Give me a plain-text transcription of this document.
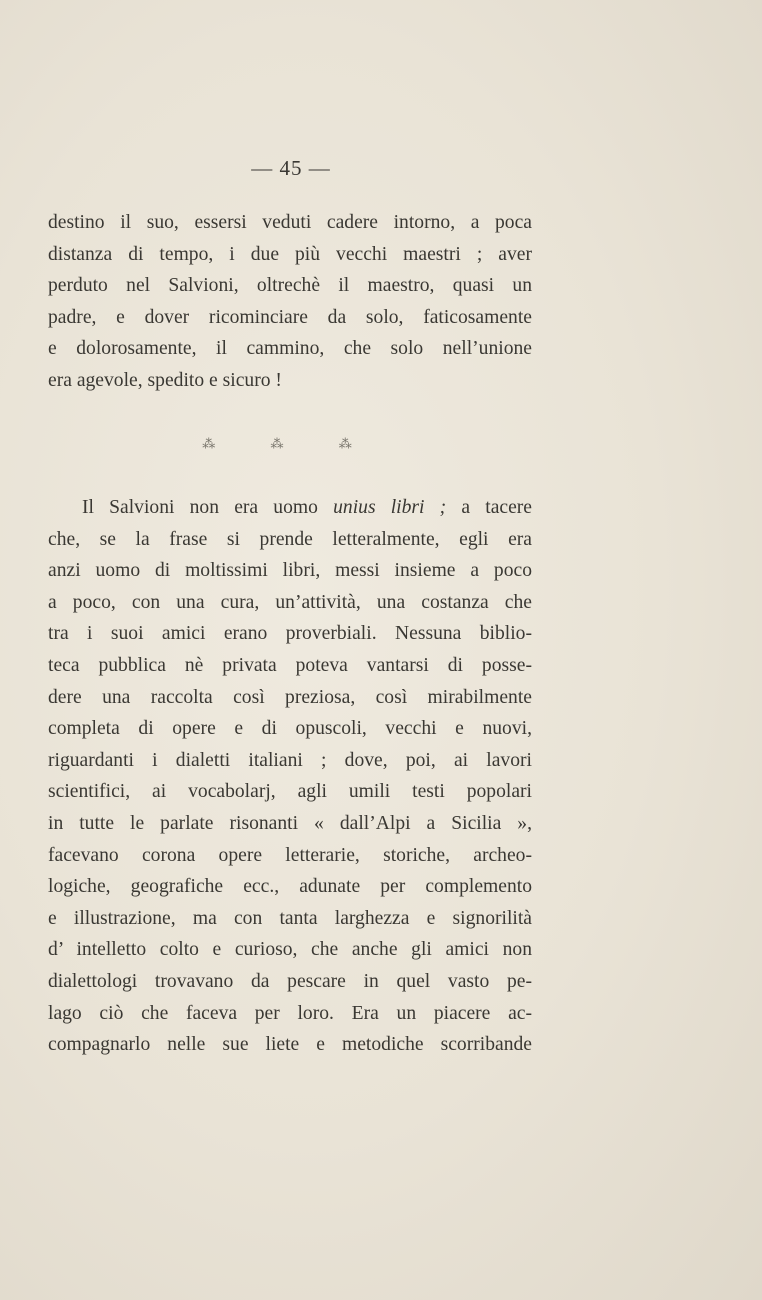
— 45 —
destino il suo, essersi veduti cadere intorno, a poca
distanza di tempo, i due più vecchi maestri ; aver
perduto nel Salvioni, oltrechè il maestro, quasi un
padre, e dover ricominciare da solo, faticosamente
e dolorosamente, il cammino, che solo nell’unione
era agevole, spedito e sicuro !
⁂ ⁂ ⁂
Il Salvioni non era uomo unius libri ; a tacere
che, se la frase si prende letteralmente, egli era
anzi uomo di moltissimi libri, messi insieme a poco
a poco, con una cura, un’attività, una costanza che
tra i suoi amici erano proverbiali. Nessuna biblio-
teca pubblica nè privata poteva vantarsi di posse-
dere una raccolta così preziosa, così mirabilmente
completa di opere e di opuscoli, vecchi e nuovi,
riguardanti i dialetti italiani ; dove, poi, ai lavori
scientifici, ai vocabolarj, agli umili testi popolari
in tutte le parlate risonanti « dall’Alpi a Sicilia »,
facevano corona opere letterarie, storiche, archeo-
logiche, geografiche ecc., adunate per complemento
e illustrazione, ma con tanta larghezza e signorilità
d’ intelletto colto e curioso, che anche gli amici non
dialettologi trovavano da pescare in quel vasto pe-
lago ciò che faceva per loro. Era un piacere ac-
compagnarlo nelle sue liete e metodiche scorribande
